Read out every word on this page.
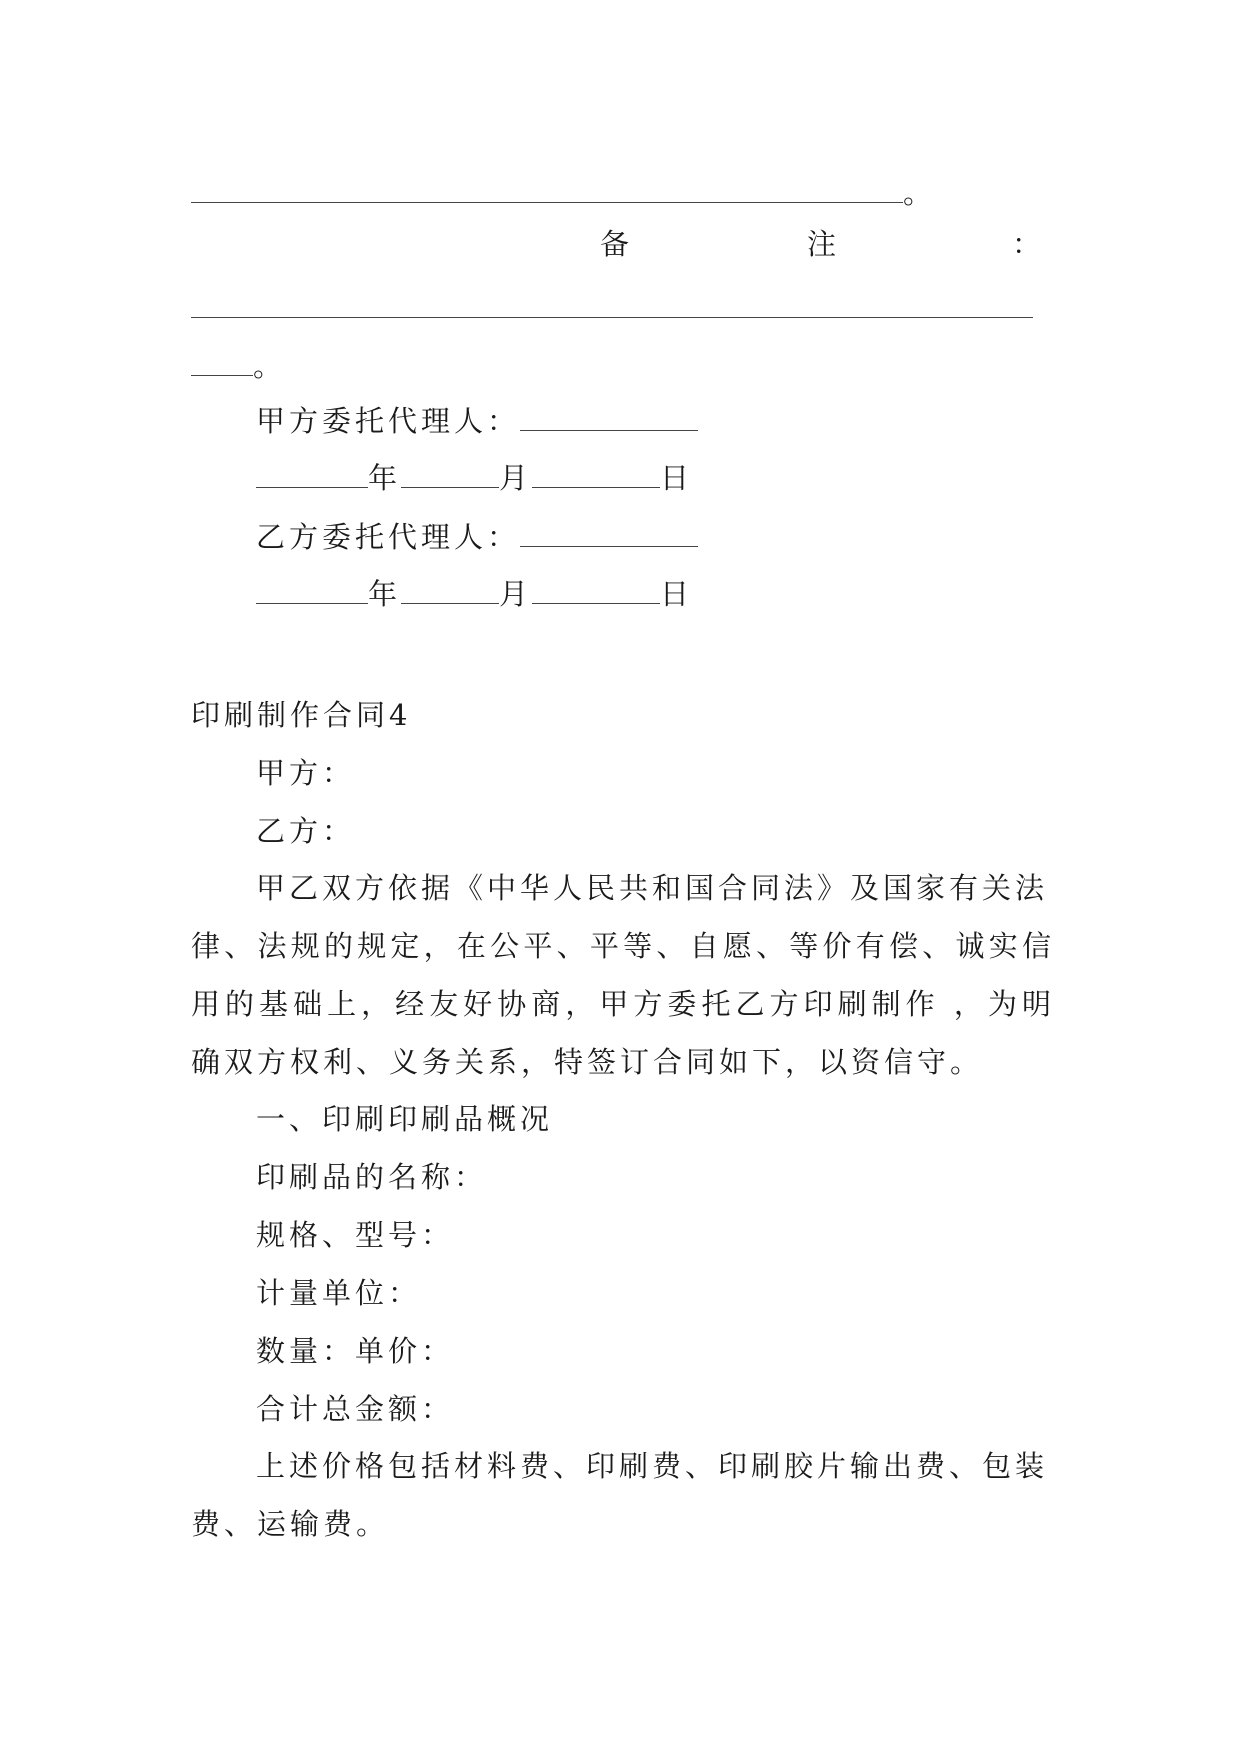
。
备注
：
。
甲方委托代理人：
年	月	日
乙方委托代理人：
年	月	日
印刷制作合同4
甲方：
乙方：
甲乙双方依据《中华人民共和国合同法》及国家有关法
律、法规的规定，在公平、平等、自愿、等价有偿、诚实信
用的基础上，经友好协商，甲方委托乙方印刷制作 ，为明
确双方权利、义务关系，特签订合同如下，以资信守。
一、印刷印刷品概况
印刷品的名称：
规格、型号：
计量单位：
数量：单价：
合计总金额：
上述价格包括材料费、印刷费、印刷胶片输出费、包装
费、运输费。
